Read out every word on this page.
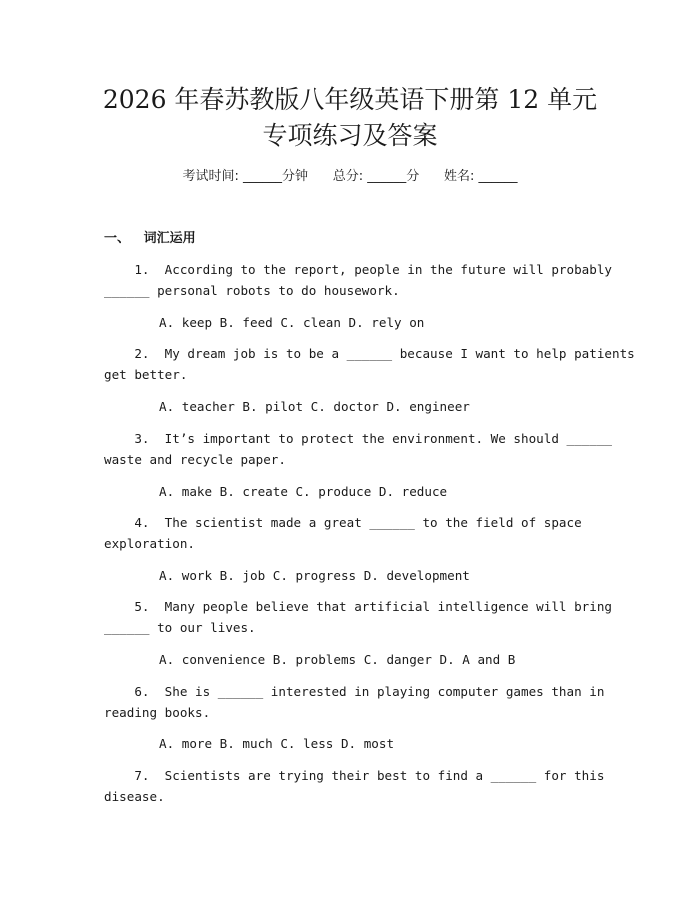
2026 年春苏教版八年级英语下册第 12 单元
专项练习及答案
考试时间: ______分钟      总分: ______分      姓名: ______
一、   词汇运用
1.  According to the report, people in the future will probably
______ personal robots to do housework.
A. keep B. feed C. clean D. rely on
2.  My dream job is to be a ______ because I want to help patients
get better.
A. teacher B. pilot C. doctor D. engineer
3.  It’s important to protect the environment. We should ______
waste and recycle paper.
A. make B. create C. produce D. reduce
4.  The scientist made a great ______ to the field of space
exploration.
A. work B. job C. progress D. development
5.  Many people believe that artificial intelligence will bring
______ to our lives.
A. convenience B. problems C. danger D. A and B
6.  She is ______ interested in playing computer games than in
reading books.
A. more B. much C. less D. most
7.  Scientists are trying their best to find a ______ for this
disease.
